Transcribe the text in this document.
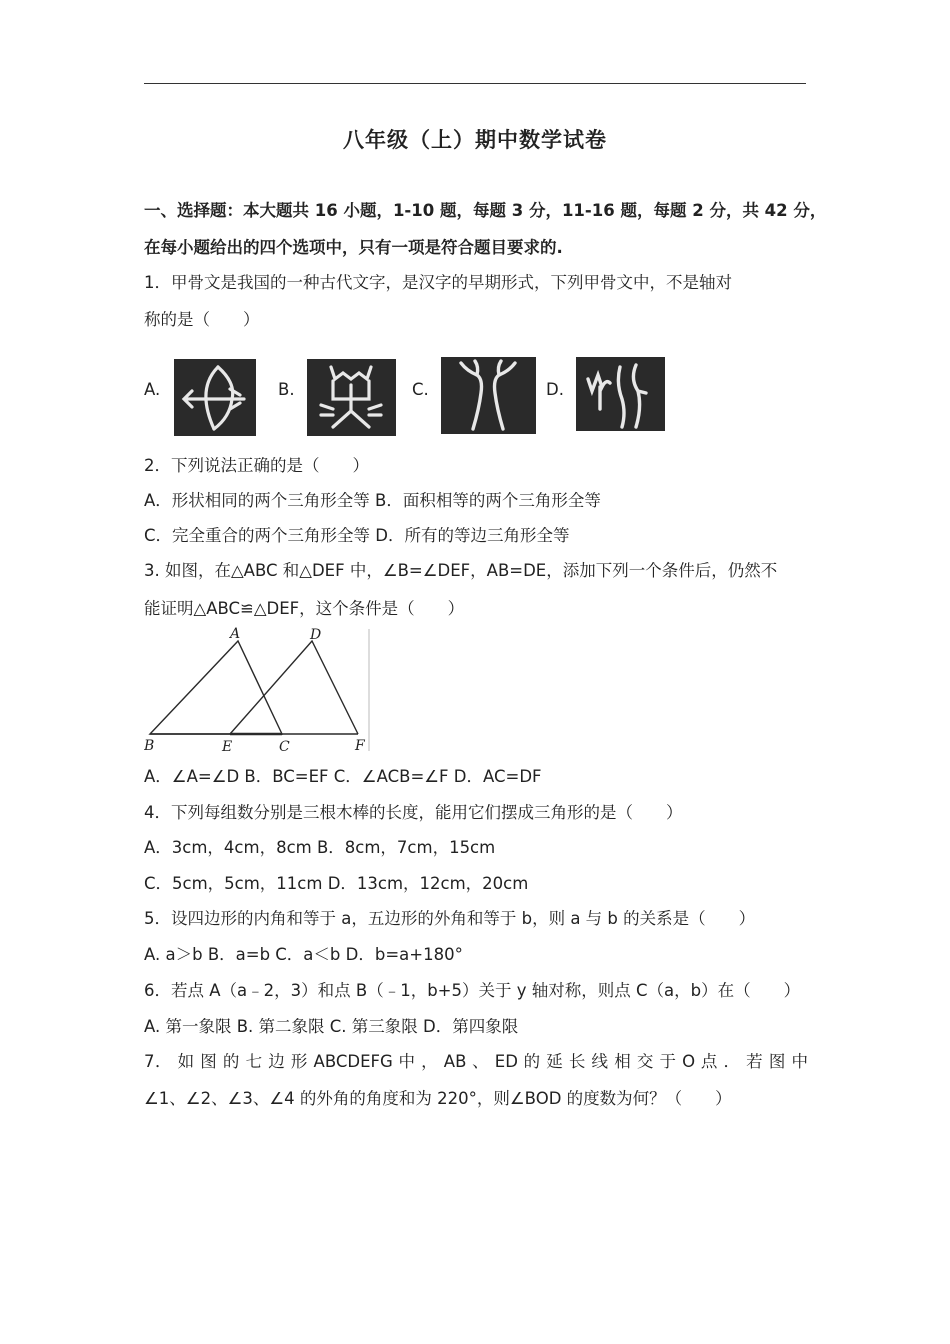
八年级（上）期中数学试卷
一、选择题：本大题共 16 小题，1-10 题，每题 3 分，11-16 题，每题 2 分，共 42 分，
在每小题给出的四个选项中，只有一项是符合题目要求的.
1．甲骨文是我国的一种古代文字，是汉字的早期形式，下列甲骨文中，不是轴对
称的是（　　）
A.	B.	C.	D.
2．下列说法正确的是（　　）
A．形状相同的两个三角形全等 B．面积相等的两个三角形全等
C．完全重合的两个三角形全等 D．所有的等边三角形全等
3. 如图，在△ABC 和△DEF 中，∠B=∠DEF，AB=DE，添加下列一个条件后，仍然不
能证明△ABC≌△DEF，这个条件是（　　）
A	D
B	E	C	F
A．∠A=∠D B．BC=EF C．∠ACB=∠F D．AC=DF
4．下列每组数分别是三根木棒的长度，能用它们摆成三角形的是（　　）
A．3cm，4cm，8cm B．8cm，7cm，15cm
C．5cm，5cm，11cm D．13cm，12cm，20cm
5．设四边形的内角和等于 a，五边形的外角和等于 b，则 a 与 b 的关系是（　　）
A. a＞b B．a=b C．a＜b D．b=a+180°
6．若点 A（a﹣2，3）和点 B（﹣1，b+5）关于 y 轴对称，则点 C（a，b）在（　　）
A. 第一象限 B. 第二象限 C. 第三象限 D．第四象限
7． 如 图 的 七 边 形 ABCDEFG 中 ， AB 、 ED 的 延 长 线 相 交 于 O 点 ． 若 图 中
∠1、∠2、∠3、∠4 的外角的角度和为 220°，则∠BOD 的度数为何？（　　）
